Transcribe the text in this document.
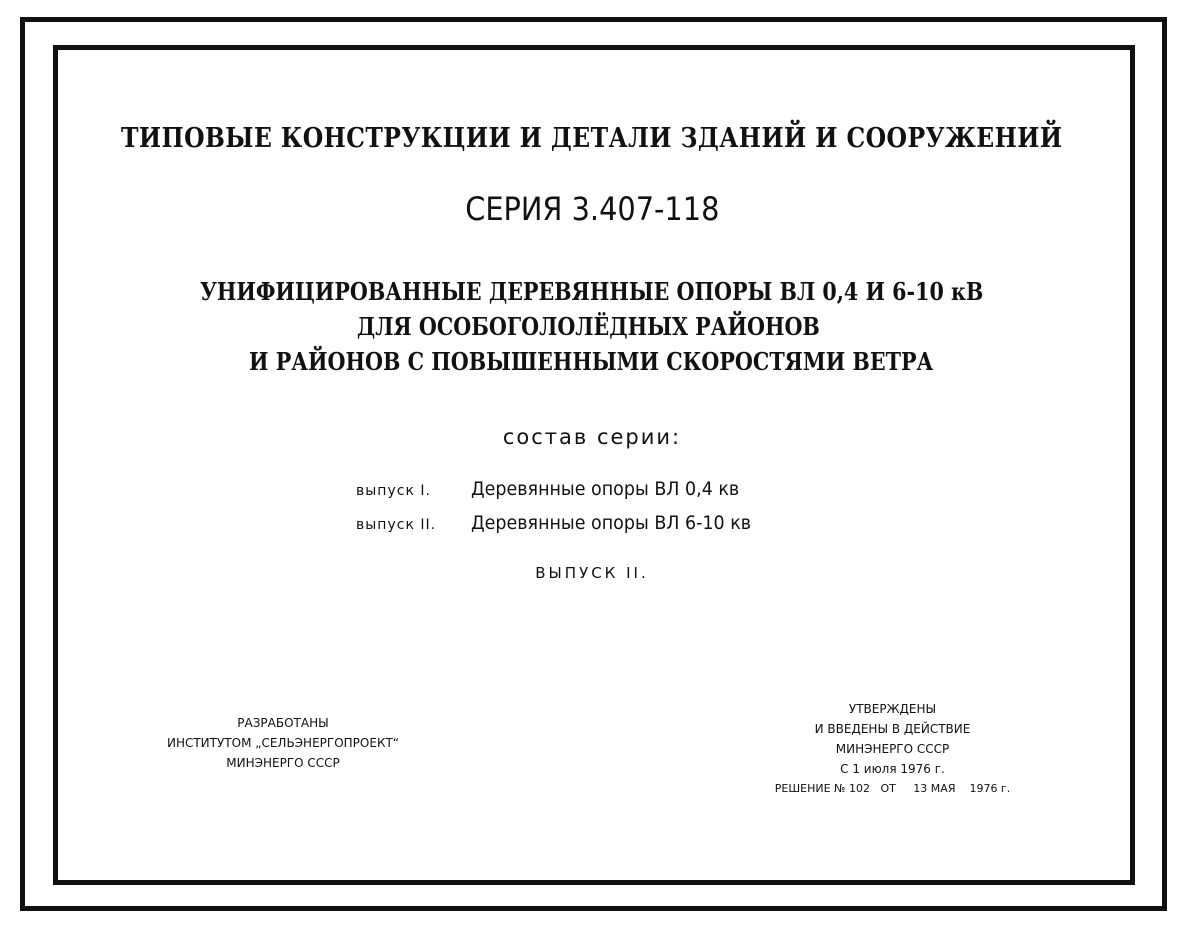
ТИПОВЫЕ КОНСТРУКЦИИ И ДЕТАЛИ ЗДАНИЙ И СООРУЖЕНИЙ
СЕРИЯ 3.407-118
УНИФИЦИРОВАННЫЕ ДЕРЕВЯННЫЕ ОПОРЫ ВЛ 0,4 И 6-10 кВ
ДЛЯ ОСОБОГОЛОЛЁДНЫХ РАЙОНОВ
И РАЙОНОВ С ПОВЫШЕННЫМИ СКОРОСТЯМИ ВЕТРА
состав серии:
выпуск I. Деревянные опоры ВЛ 0,4 кв
выпуск II. Деревянные опоры ВЛ 6-10 кв
ВЫПУСК II.
РАЗРАБОТАНЫ
ИНСТИТУТОМ „СЕЛЬЭНЕРГОПРОЕКТ“
МИНЭНЕРГО СССР
УТВЕРЖДЕНЫ
И ВВЕДЕНЫ В ДЕЙСТВИЕ
МИНЭНЕРГО СССР
С 1 июля 1976 г.
РЕШЕНИЕ № 102   ОТ     13 МАЯ    1976 г.
